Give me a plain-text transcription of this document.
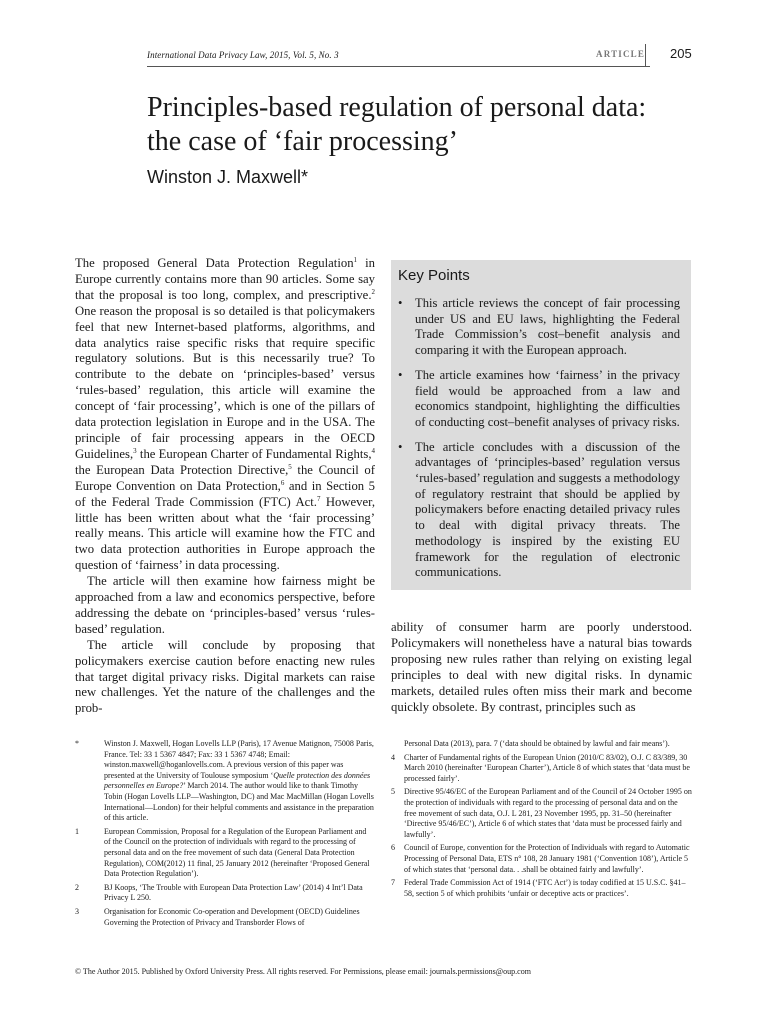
International Data Privacy Law, 2015, Vol. 5, No. 3	ARTICLE 205
Principles-based regulation of personal data:
the case of ‘fair processing’
Winston J. Maxwell*

The proposed General Data Protection Regulation$^1$ in Europe currently contains more than 90 articles. Some say that the proposal is too long, complex, and prescriptive.$^2$ One reason the proposal is so detailed is that policymakers feel that new Internet-based platforms, algorithms, and data analytics raise specific risks that require specific regulatory solutions. But is this necessarily true? To contribute to the debate on ‘principles-based’ versus ‘rules-based’ regulation, this article will examine the concept of ‘fair processing’, which is one of the pillars of data protection legislation in Europe and in the USA. The principle of fair processing appears in the OECD Guidelines,$^3$ the European Charter of Fundamental Rights,$^4$ the European Data Protection Directive,$^5$ the Council of Europe Convention on Data Protection,$^6$ and in Section 5 of the Federal Trade Commission (FTC) Act.$^7$ However, little has been written about what the ‘fair processing’ really means. This article will examine how the FTC and two data protection authorities in Europe approach the question of ‘fairness’ in data processing.

The article will then examine how fairness might be approached from a law and economics perspective, before addressing the debate on ‘principles-based’ versus ‘rules-based’ regulation.

The article will conclude by proposing that policymakers exercise caution before enacting new rules that target digital privacy risks. Digital markets can raise new challenges. Yet the nature of the challenges and the prob-

Key Points
• This article reviews the concept of fair processing under US and EU laws, highlighting the Federal Trade Commission’s cost–benefit analysis and comparing it with the European approach.
• The article examines how ‘fairness’ in the privacy field would be approached from a law and economics standpoint, highlighting the difficulties of conducting cost–benefit analyses of privacy risks.
• The article concludes with a discussion of the advantages of ‘principles-based’ regulation versus ‘rules-based’ regulation and suggests a methodology of regulatory restraint that should be applied by policymakers before enacting detailed privacy rules to deal with digital privacy threats. The methodology is inspired by the existing EU framework for the regulation of electronic communications.

ability of consumer harm are poorly understood. Policymakers will nonetheless have a natural bias towards proposing new rules rather than relying on existing legal principles to deal with new digital risks. In dynamic markets, detailed rules often miss their mark and become quickly obsolete. By contrast, principles such as

*	Winston J. Maxwell, Hogan Lovells LLP (Paris), 17 Avenue Matignon, 75008 Paris, France. Tel: 33 1 5367 4847; Fax: 33 1 5367 4748; Email: winston.maxwell@hoganlovells.com. A previous version of this paper was presented at the University of Toulouse symposium ‘Quelle protection des données personnelles en Europe?’ March 2014. The author would like to thank Timothy Tobin (Hogan Lovells LLP—Washington, DC) and Mac MacMillan (Hogan Lovells International—London) for their helpful comments and assistance in the preparation of this article.

1	European Commission, Proposal for a Regulation of the European Parliament and of the Council on the protection of individuals with regard to the processing of personal data and on the free movement of such data (General Data Protection Regulation), COM(2012) 11 final, 25 January 2012 (hereinafter ‘Proposed General Data Protection Regulation’).

2	BJ Koops, ‘The Trouble with European Data Protection Law’ (2014) 4 Int’l Data Privacy L 250.

3	Organisation for Economic Co-operation and Development (OECD) Guidelines Governing the Protection of Privacy and Transborder Flows of

Personal Data (2013), para. 7 (‘data should be obtained by lawful and fair means’).

4 Charter of Fundamental rights of the European Union (2010/C 83/02), O.J. C 83/389, 30 March 2010 (hereinafter ‘European Charter’), Article 8 of which states that ‘data must be processed fairly’.

5 Directive 95/46/EC of the European Parliament and of the Council of 24 October 1995 on the protection of individuals with regard to the processing of personal data and on the free movement of such data, O.J. L 281, 23 November 1995, pp. 31–50 (hereinafter ‘Directive 95/46/EC’), Article 6 of which states that ‘data must be processed fairly and lawfully’.

6 Council of Europe, convention for the Protection of Individuals with regard to Automatic Processing of Personal Data, ETS n° 108, 28 January 1981 (‘Convention 108’), Article 5 of which states that ‘personal data. . .shall be obtained fairly and lawfully’.

7 Federal Trade Commission Act of 1914 (‘FTC Act’) is today codified at 15 U.S.C. §41–58, section 5 of which prohibits ‘unfair or deceptive acts or practices’.

© The Author 2015. Published by Oxford University Press. All rights reserved. For Permissions, please email: journals.permissions@oup.com
